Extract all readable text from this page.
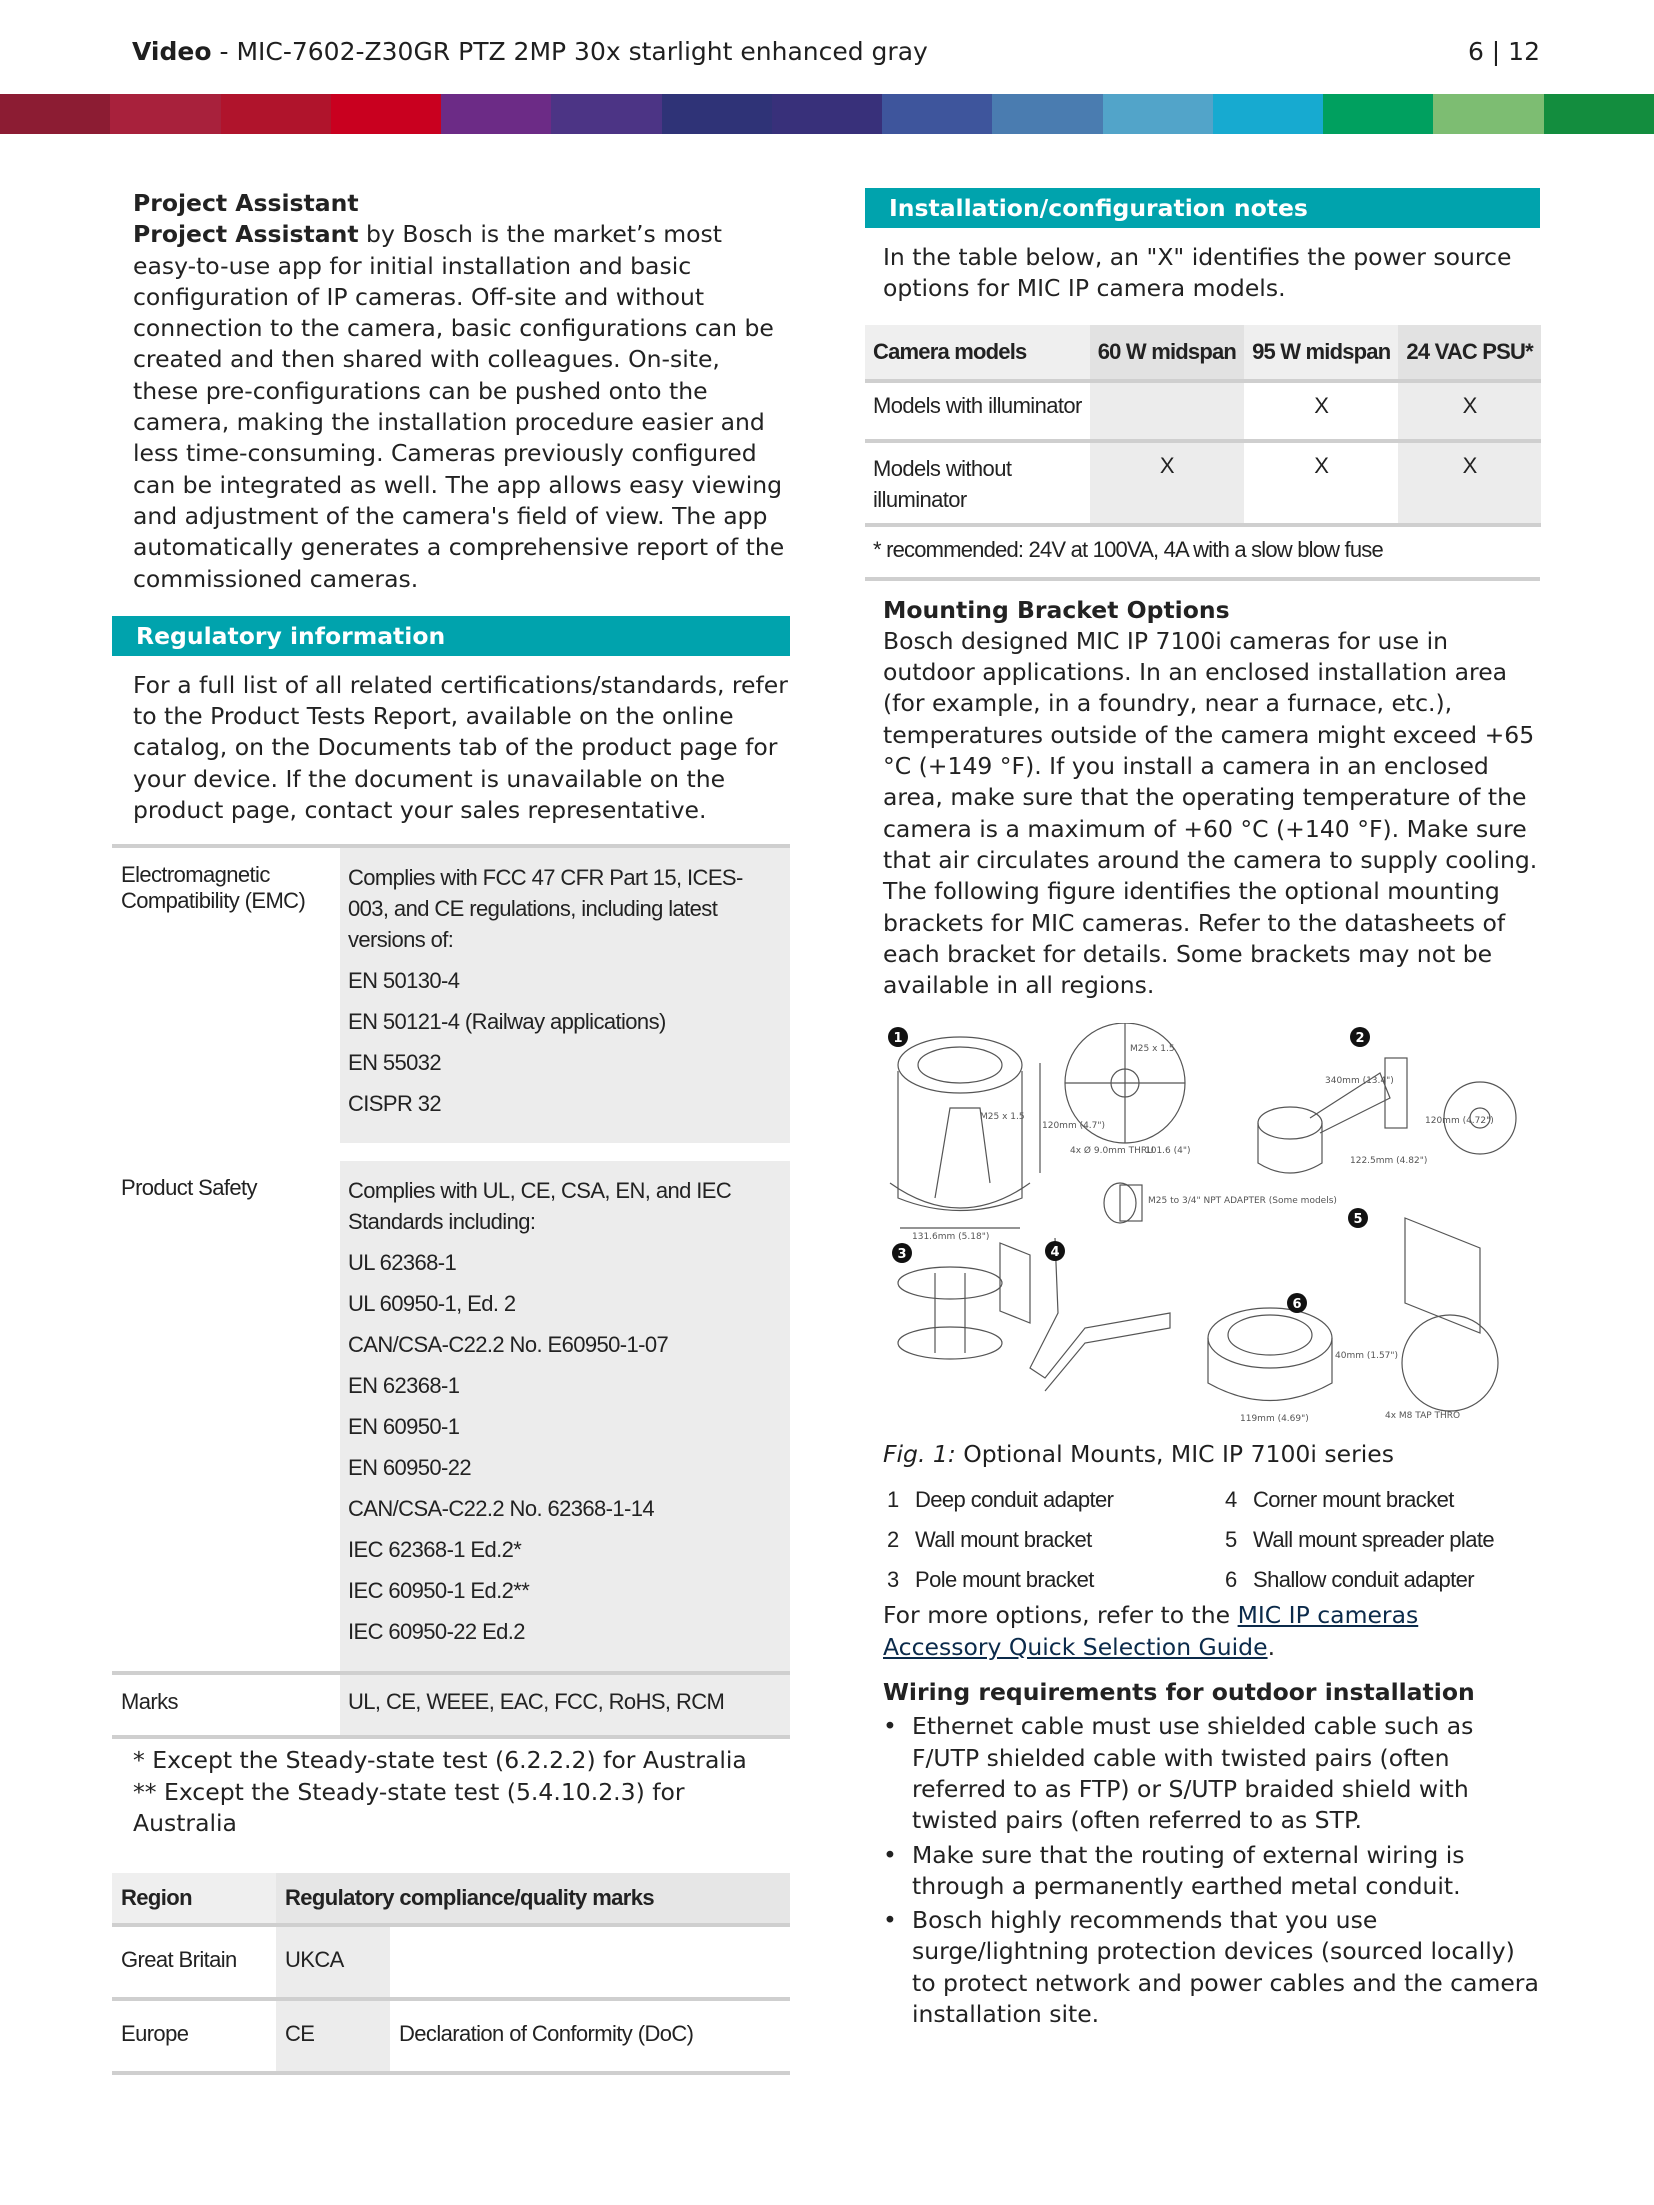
Video - MIC-7602-Z30GR PTZ 2MP 30x starlight enhanced gray	6 | 12
Project Assistant
Project Assistant by Bosch is the market’s most easy-to-use app for initial installation and basic configuration of IP cameras. Off-site and without connection to the camera, basic configurations can be created and then shared with colleagues. On-site, these pre-configurations can be pushed onto the camera, making the installation procedure easier and less time-consuming. Cameras previously configured can be integrated as well. The app allows easy viewing and adjustment of the camera's field of view. The app automatically generates a comprehensive report of the commissioned cameras.
Regulatory information
For a full list of all related certifications/standards, refer to the Product Tests Report, available on the online catalog, on the Documents tab of the product page for your device. If the document is unavailable on the product page, contact your sales representative.
Electromagnetic Compatibility (EMC)	Complies with FCC 47 CFR Part 15, ICES-003, and CE regulations, including latest versions of:

EN 50130-4

EN 50121-4 (Railway applications)

EN 55032

CISPR 32

Product Safety	Complies with UL, CE, CSA, EN, and IEC Standards including:

UL 62368-1

UL 60950-1, Ed. 2

CAN/CSA-C22.2 No. E60950-1-07

EN 62368-1

EN 60950-1

EN 60950-22

CAN/CSA-C22.2 No. 62368-1-14

IEC 62368-1 Ed.2*

IEC 60950-1 Ed.2**

IEC 60950-22 Ed.2

Marks	UL, CE, WEEE, EAC, FCC, RoHS, RCM
* Except the Steady-state test (6.2.2.2) for Australia
** Except the Steady-state test (5.4.10.2.3) for Australia
Region	Regulatory compliance/quality marks	
Great Britain	UKCA	
Europe	CE	Declaration of Conformity (DoC)
Installation/configuration notes
In the table below, an "X" identifies the power source options for MIC IP camera models.
Camera models	60 W midspan	95 W midspan	24 VAC PSU*
Models with illuminator		X	X
Models without illuminator	X	X	X
* recommended: 24V at 100VA, 4A with a slow blow fuse
Mounting Bracket Options
Bosch designed MIC IP 7100i cameras for use in outdoor applications. In an enclosed installation area (for example, in a foundry, near a furnace, etc.), temperatures outside of the camera might exceed +65 °C (+149 °F). If you install a camera in an enclosed area, make sure that the operating temperature of the camera is a maximum of +60 °C (+140 °F). Make sure that air circulates around the camera to supply cooling.
The following figure identifies the optional mounting brackets for MIC cameras. Refer to the datasheets of each bracket for details. Some brackets may not be available in all regions.
M25 x 1.5
120mm (4.7")
131.6mm (5.18")
4x Ø 9.0mm THRU
M25 x 1.5
101.6 (4")
M25 to 3/4" NPT ADAPTER (Some models)
340mm (13.4")
120mm (4.72")
122.5mm (4.82")
40mm (1.57")
119mm (4.69")	4x M8 TAP THRO
1	2
3	4
5
6
Fig. 1: Optional Mounts, MIC IP 7100i series
1 Deep conduit adapter	4 Corner mount bracket
2 Wall mount bracket	5 Wall mount spreader plate
3 Pole mount bracket	6 Shallow conduit adapter
For more options, refer to the MIC IP cameras Accessory Quick Selection Guide.
Wiring requirements for outdoor installation
• Ethernet cable must use shielded cable such as F/UTP shielded cable with twisted pairs (often referred to as FTP) or S/UTP braided shield with twisted pairs (often referred to as STP.
• Make sure that the routing of external wiring is through a permanently earthed metal conduit.
• Bosch highly recommends that you use surge/lightning protection devices (sourced locally) to protect network and power cables and the camera installation site.
